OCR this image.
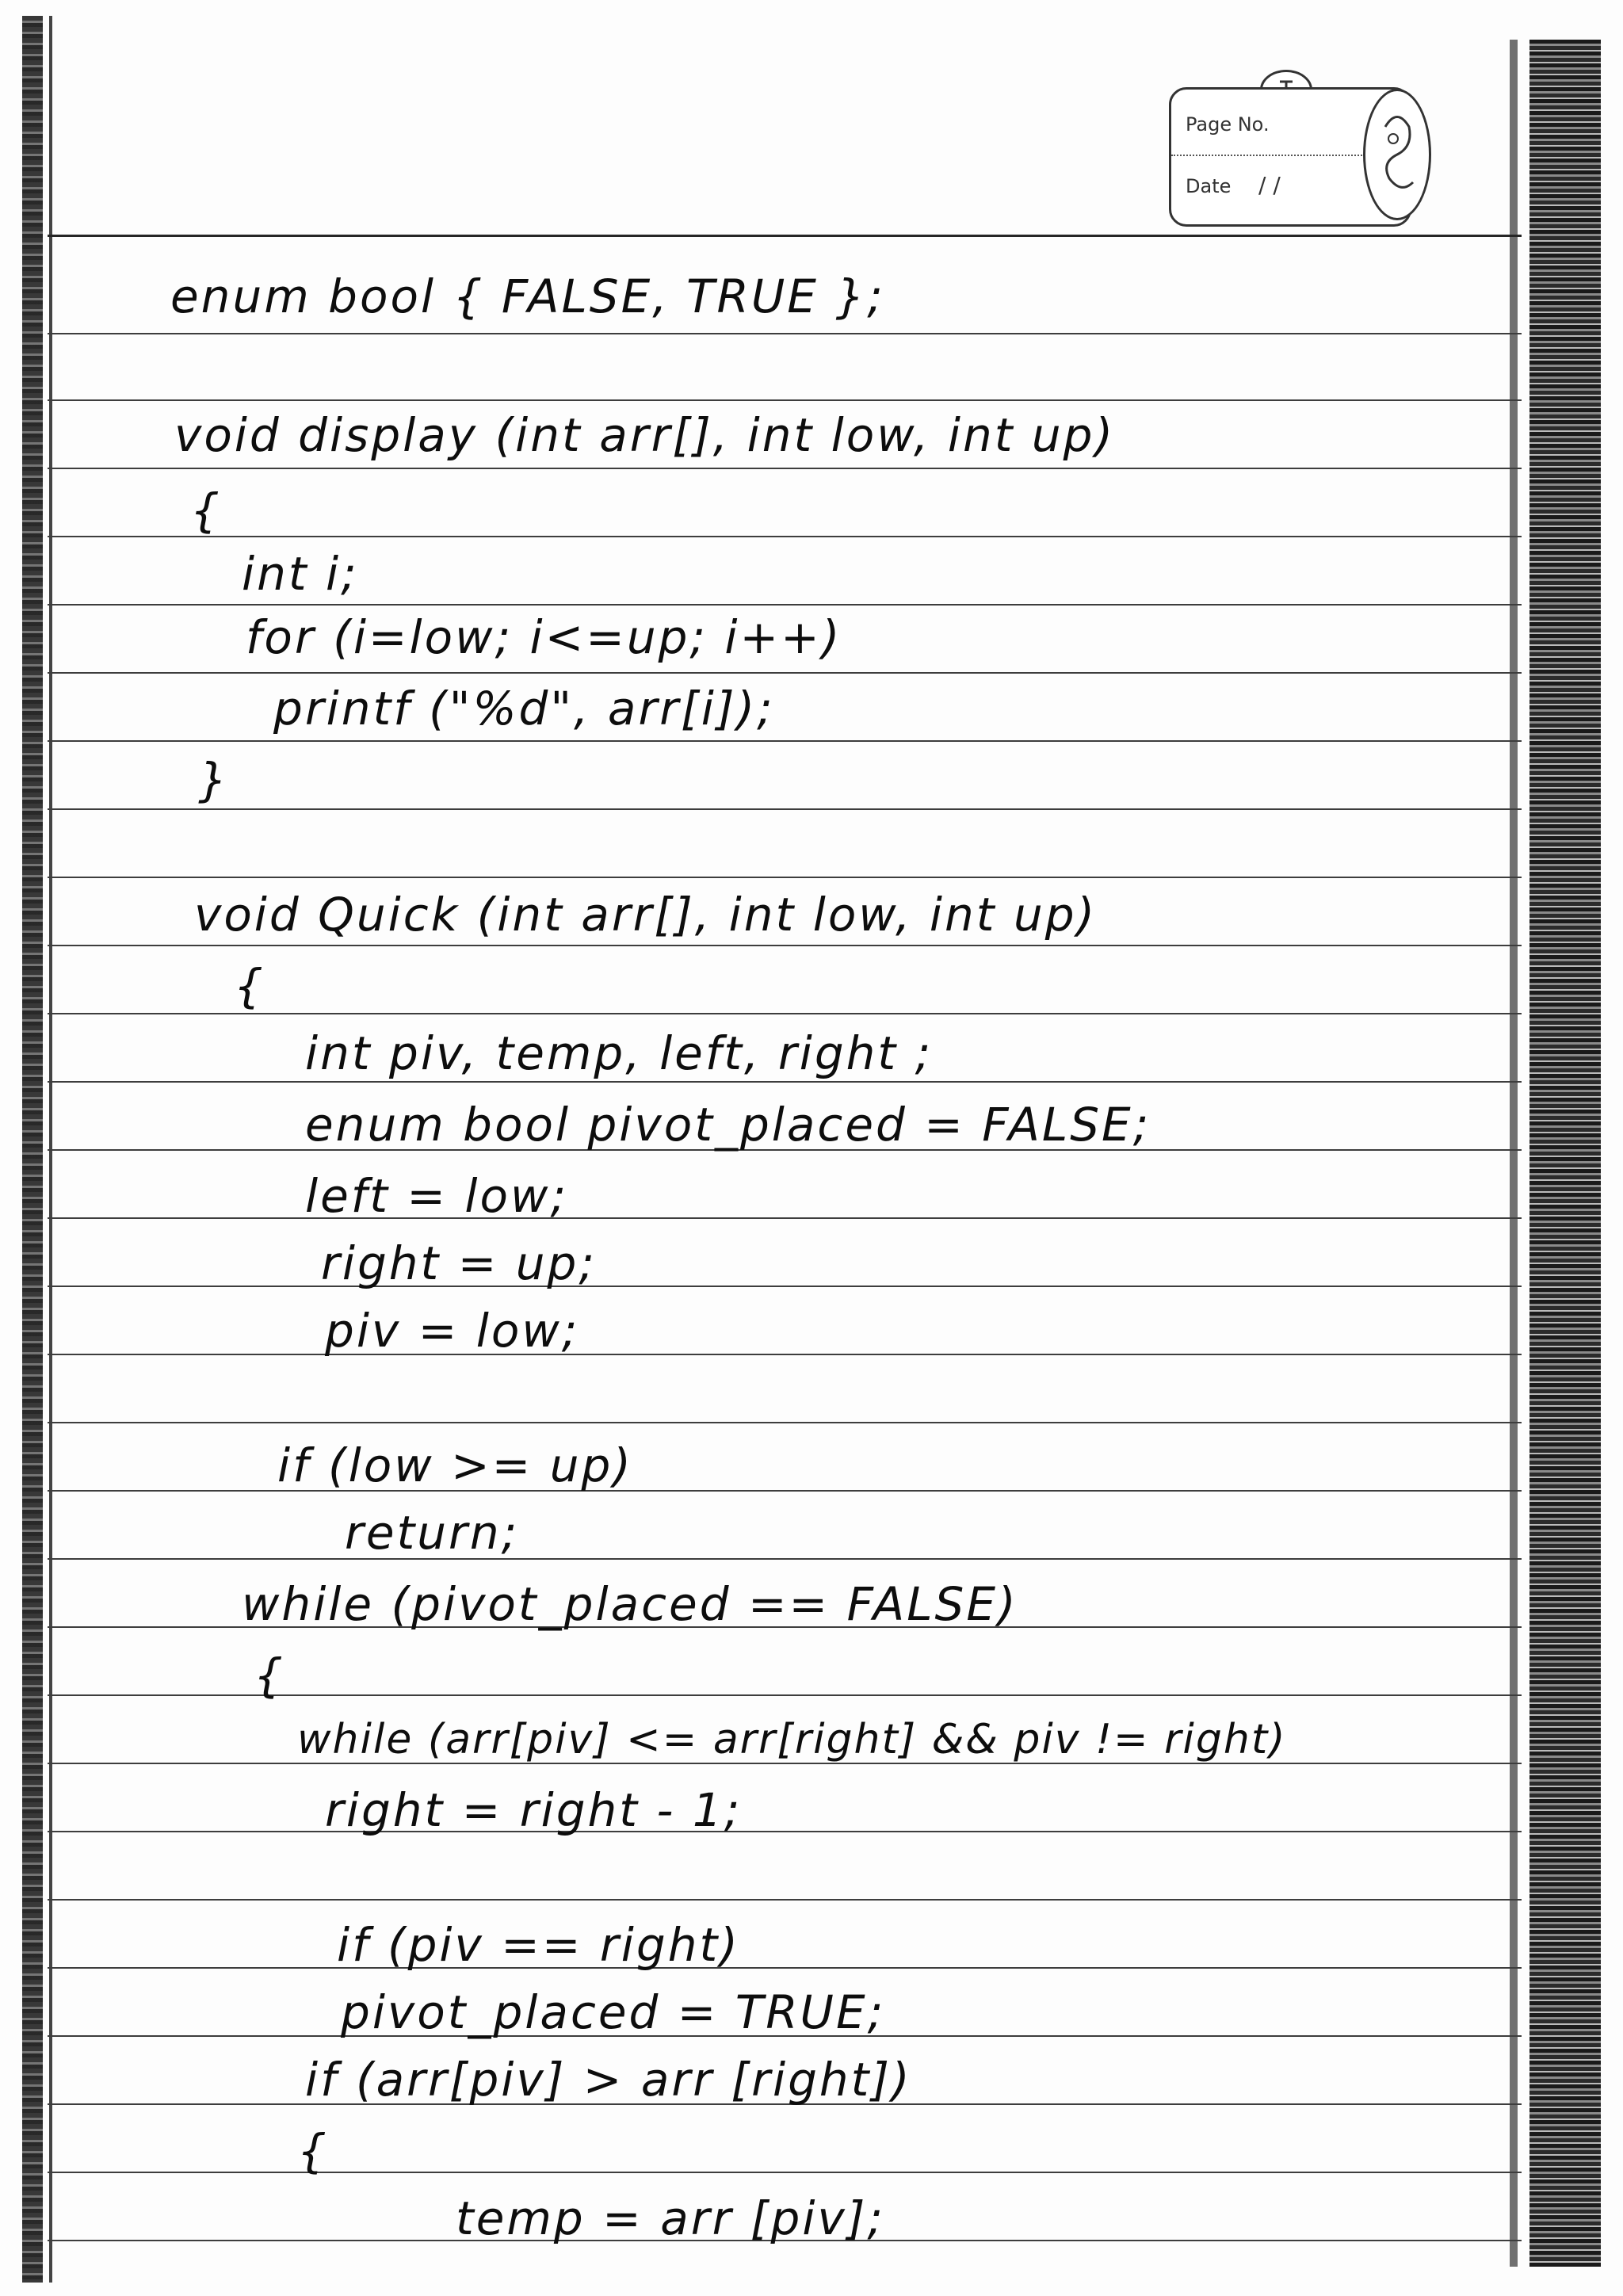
Page No.
Date / /
enum bool { FALSE, TRUE };
void display (int arr[], int low, int up)
{
int i;
for (i=low; i<=up; i++)
printf ("%d", arr[i]);
}
void Quick (int arr[], int low, int up)
{
int piv, temp, left, right ;
enum bool pivot_placed = FALSE;
left = low;
right = up;
piv = low;
if (low >= up)
return;
while (pivot_placed == FALSE)
{
while (arr[piv] <= arr[right] && piv != right)
right = right - 1;
if (piv == right)
pivot_placed = TRUE;
if (arr[piv] > arr [right])
{
temp = arr [piv];
